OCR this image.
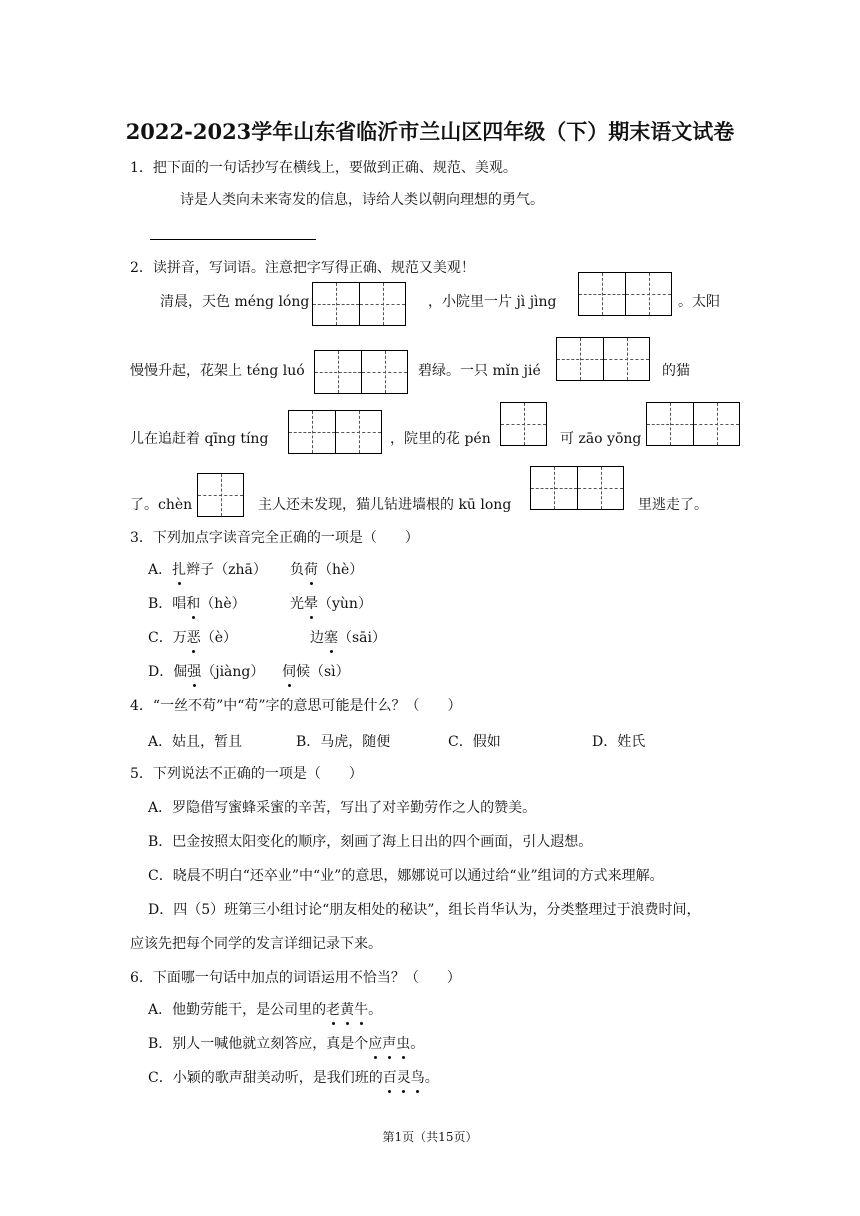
2022-2023学年山东省临沂市兰山区四年级（下）期末语文试卷
1．把下面的一句话抄写在横线上，要做到正确、规范、美观。
诗是人类向未来寄发的信息，诗给人类以朝向理想的勇气。
2．读拼音，写词语。注意把字写得正确、规范又美观！
清晨，天色 méng lóng	，小院里一片 jì jìng	。太阳
慢慢升起，花架上 téng luó	碧绿。一只 mǐn jié	的猫
儿在追赶着 qīng tíng	，院里的花 pén	可 zāo yōng
了。chèn	主人还未发现，猫儿钻进墙根的 kū long	里逃走了。
3．下列加点字读音完全正确的一项是（　　）
A．扎辫子（zhā） 负荷（hè）
B．唱和（hè）	光晕（yùn）
C．万恶（è）	边塞（sāi）
D．倔强（jiàng） 伺候（sì）
4．“一丝不苟”中“苟”字的意思可能是什么？（　　）
A．姑且，暂且	B．马虎，随便	C．假如	D．姓氏
5．下列说法不正确的一项是（　　）
A．罗隐借写蜜蜂采蜜的辛苦，写出了对辛勤劳作之人的赞美。
B．巴金按照太阳变化的顺序，刻画了海上日出的四个画面，引人遐想。
C．晓晨不明白“还卒业”中“业”的意思，娜娜说可以通过给“业”组词的方式来理解。
D．四（5）班第三小组讨论“朋友相处的秘诀”，组长肖华认为，分类整理过于浪费时间，
应该先把每个同学的发言详细记录下来。
6．下面哪一句话中加点的词语运用不恰当？（　　）
A．他勤劳能干，是公司里的老黄牛。
B．别人一喊他就立刻答应，真是个应声虫。
C．小颖的歌声甜美动听，是我们班的百灵鸟。
第1页（共15页）
